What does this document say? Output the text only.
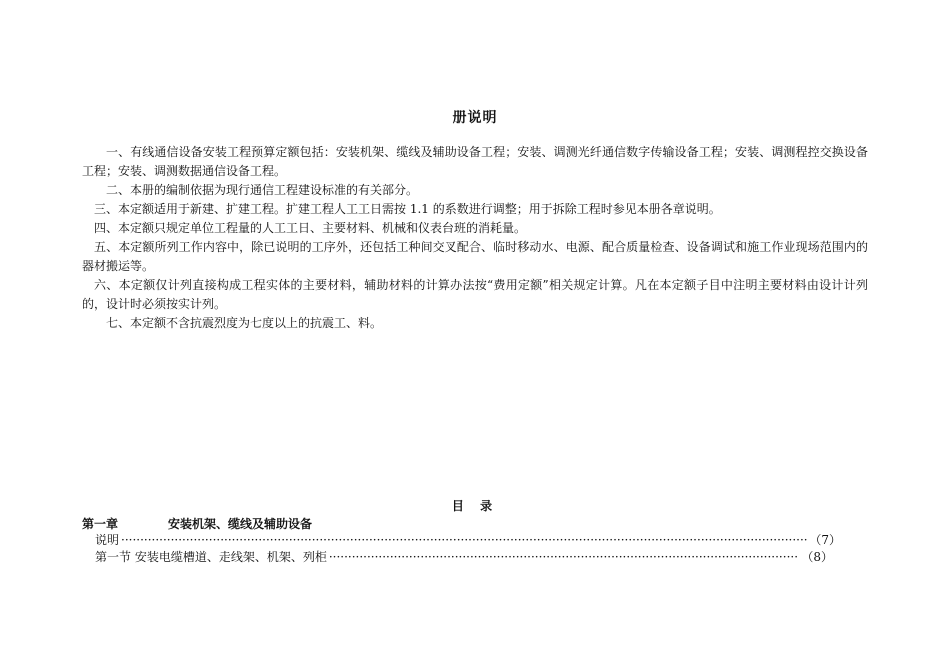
册说明

一、有线通信设备安装工程预算定额包括：安装机架、缆线及辅助设备工程；安装、调测光纤通信数字传输设备工程；安装、调测程控交换设备工程；安装、调测数据通信设备工程。

二、本册的编制依据为现行通信工程建设标准的有关部分。

三、本定额适用于新建、扩建工程。扩建工程人工工日需按 1.1 的系数进行调整；用于拆除工程时参见本册各章说明。

四、本定额只规定单位工程量的人工工日、主要材料、机械和仪表台班的消耗量。

五、本定额所列工作内容中，除已说明的工序外，还包括工种间交叉配合、临时移动水、电源、配合质量检查、设备调试和施工作业现场范围内的器材搬运等。

六、本定额仅计列直接构成工程实体的主要材料，辅助材料的计算办法按“费用定额”相关规定计算。凡在本定额子目中注明主要材料由设计计列的，设计时必须按实计列。

七、本定额不含抗震烈度为七度以上的抗震工、料。

目 录
第一章	安装机架、缆线及辅助设备
说明 ·····	（7）
第一节 安装电缆槽道、走线架、机架、列柜 ·····	（8）
